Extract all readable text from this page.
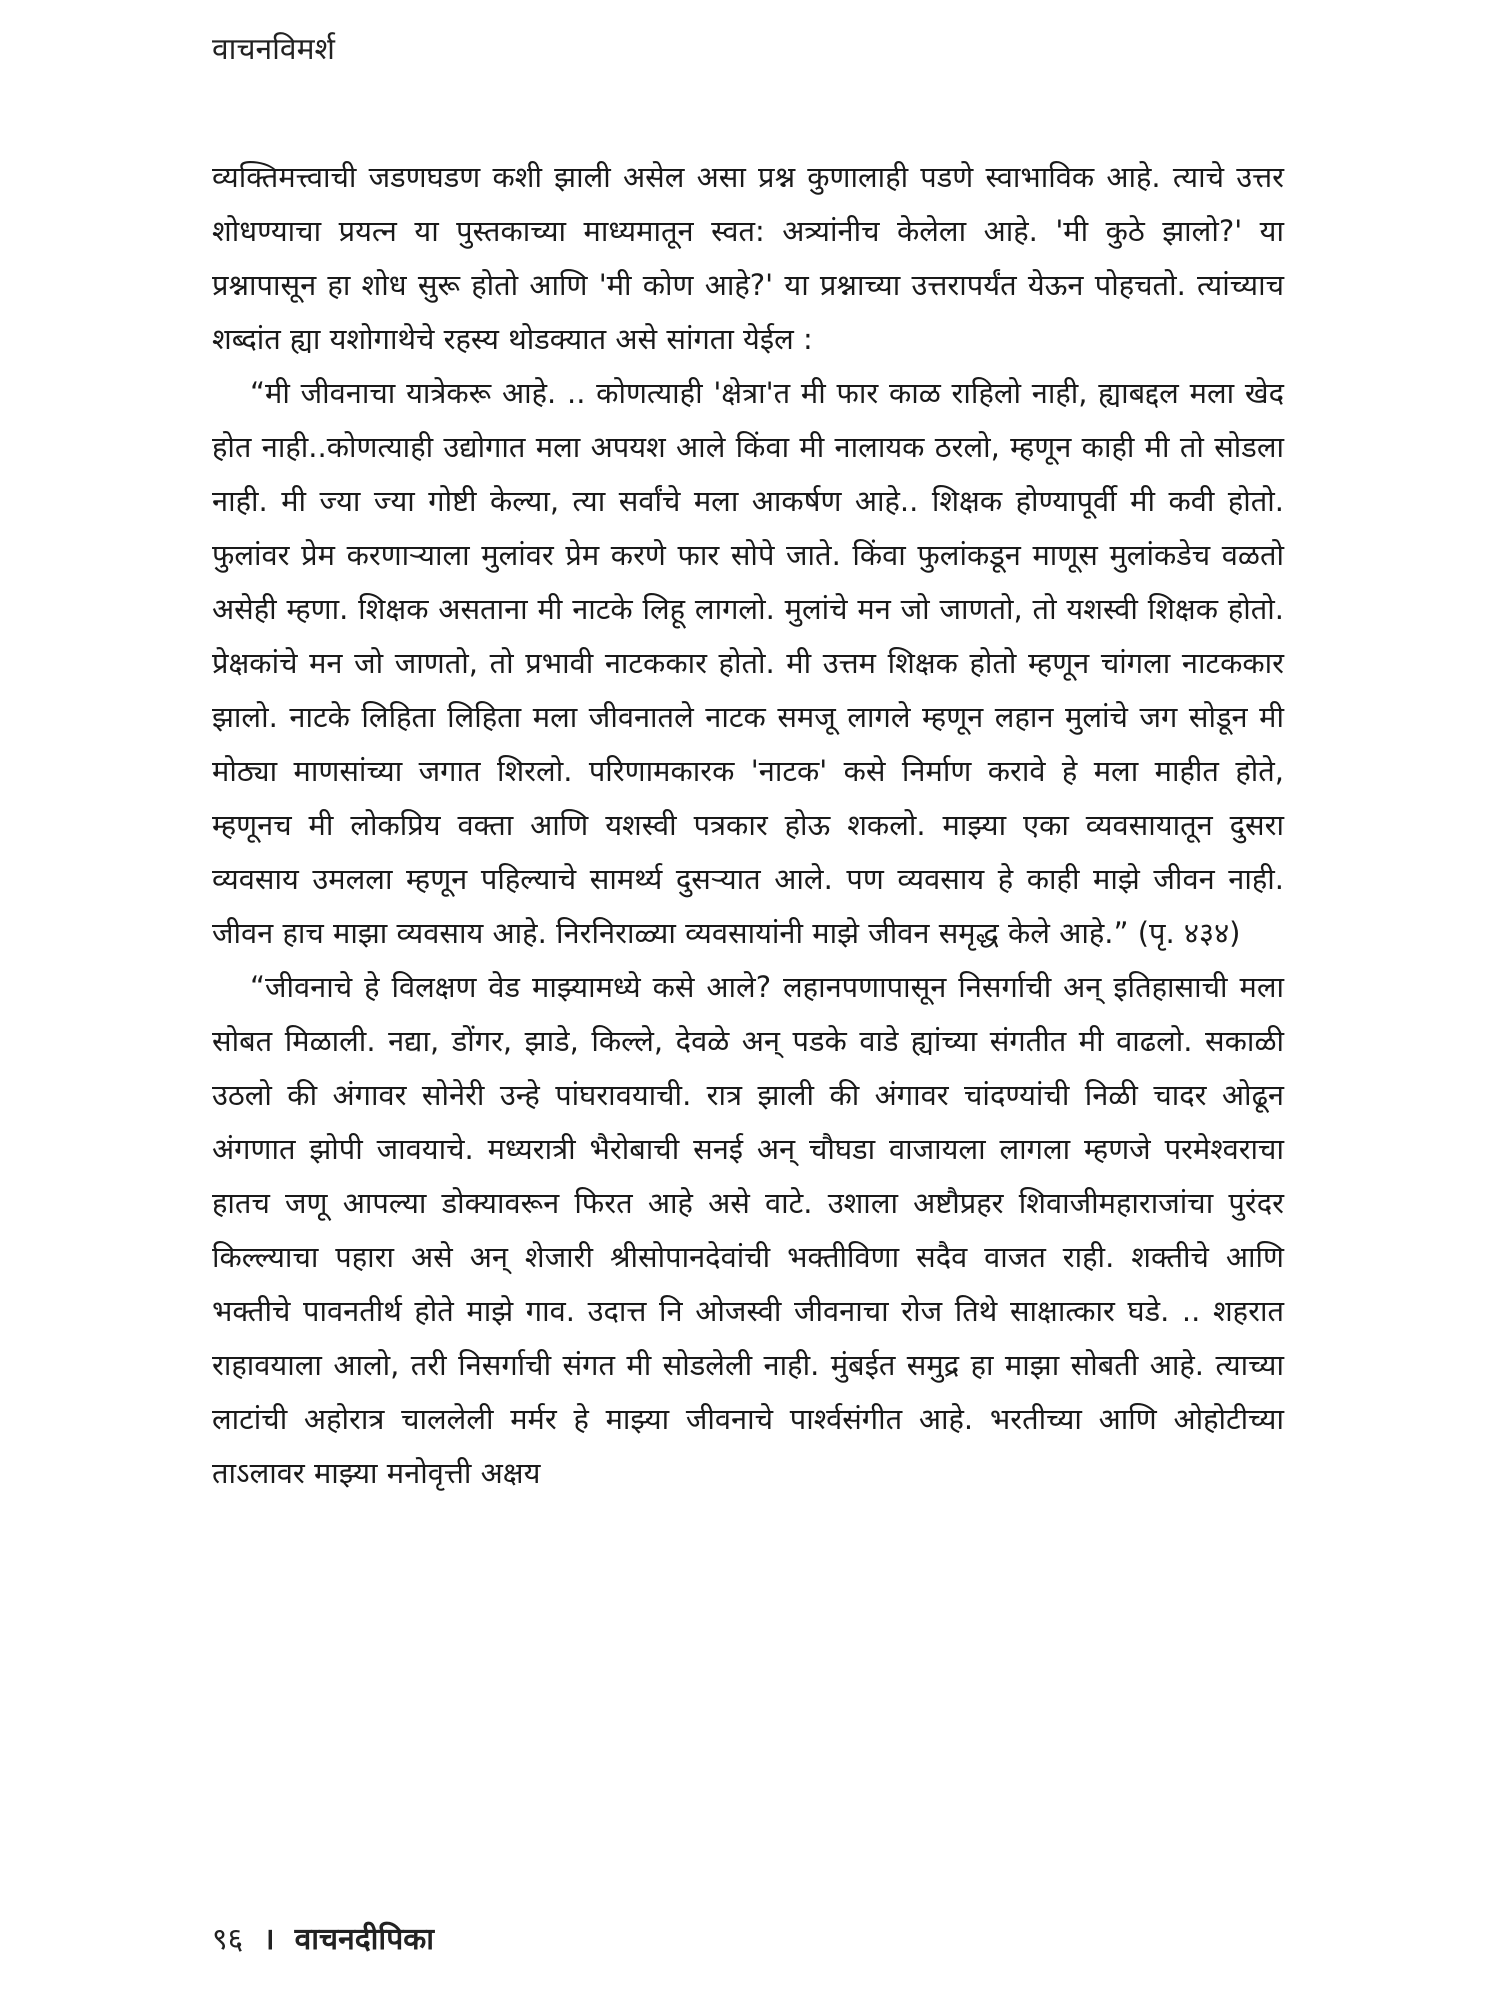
वाचनविमर्श

व्यक्तिमत्त्वाची जडणघडण कशी झाली असेल असा प्रश्न कुणालाही पडणे स्वाभाविक आहे. त्याचे उत्तर शोधण्याचा प्रयत्न या पुस्तकाच्या माध्यमातून स्वत: अत्र्यांनीच केलेला आहे. 'मी कुठे झालो?' या प्रश्नापासून हा शोध सुरू होतो आणि 'मी कोण आहे?' या प्रश्नाच्या उत्तरापर्यंत येऊन पोहचतो. त्यांच्याच शब्दांत ह्या यशोगाथेचे रहस्य थोडक्यात असे सांगता येईल :

“मी जीवनाचा यात्रेकरू आहे. .. कोणत्याही 'क्षेत्रा'त मी फार काळ राहिलो नाही, ह्याबद्दल मला खेद होत नाही..कोणत्याही उद्योगात मला अपयश आले किंवा मी नालायक ठरलो, म्हणून काही मी तो सोडला नाही. मी ज्या ज्या गोष्टी केल्या, त्या सर्वांचे मला आकर्षण आहे.. शिक्षक होण्यापूर्वी मी कवी होतो. फुलांवर प्रेम करणाऱ्याला मुलांवर प्रेम करणे फार सोपे जाते. किंवा फुलांकडून माणूस मुलांकडेच वळतो असेही म्हणा. शिक्षक असताना मी नाटके लिहू लागलो. मुलांचे मन जो जाणतो, तो यशस्वी शिक्षक होतो. प्रेक्षकांचे मन जो जाणतो, तो प्रभावी नाटककार होतो. मी उत्तम शिक्षक होतो म्हणून चांगला नाटककार झालो. नाटके लिहिता लिहिता मला जीवनातले नाटक समजू लागले म्हणून लहान मुलांचे जग सोडून मी मोठ्या माणसांच्या जगात शिरलो. परिणामकारक 'नाटक' कसे निर्माण करावे हे मला माहीत होते, म्हणूनच मी लोकप्रिय वक्ता आणि यशस्वी पत्रकार होऊ शकलो. माझ्या एका व्यवसायातून दुसरा व्यवसाय उमलला म्हणून पहिल्याचे सामर्थ्य दुसऱ्यात आले. पण व्यवसाय हे काही माझे जीवन नाही. जीवन हाच माझा व्यवसाय आहे. निरनिराळ्या व्यवसायांनी माझे जीवन समृद्ध केले आहे.” (पृ. ४३४)

“जीवनाचे हे विलक्षण वेड माझ्यामध्ये कसे आले? लहानपणापासून निसर्गाची अन् इतिहासाची मला सोबत मिळाली. नद्या, डोंगर, झाडे, किल्ले, देवळे अन् पडके वाडे ह्यांच्या संगतीत मी वाढलो. सकाळी उठलो की अंगावर सोनेरी उन्हे पांघरावयाची. रात्र झाली की अंगावर चांदण्यांची निळी चादर ओढून अंगणात झोपी जावयाचे. मध्यरात्री भैरोबाची सनई अन् चौघडा वाजायला लागला म्हणजे परमेश्वराचा हातच जणू आपल्या डोक्यावरून फिरत आहे असे वाटे. उशाला अष्टौप्रहर शिवाजीमहाराजांचा पुरंदर किल्ल्याचा पहारा असे अन् शेजारी श्रीसोपानदेवांची भक्तीविणा सदैव वाजत राही. शक्तीचे आणि भक्तीचे पावनतीर्थ होते माझे गाव. उदात्त नि ओजस्वी जीवनाचा रोज तिथे साक्षात्कार घडे. .. शहरात राहावयाला आलो, तरी निसर्गाची संगत मी सोडलेली नाही. मुंबईत समुद्र हा माझा सोबती आहे. त्याच्या लाटांची अहोरात्र चाललेली मर्मर हे माझ्या जीवनाचे पार्श्वसंगीत आहे. भरतीच्या आणि ओहोटीच्या ताऽलावर माझ्या मनोवृत्ती अक्षय

९६ । वाचनदीपिका
